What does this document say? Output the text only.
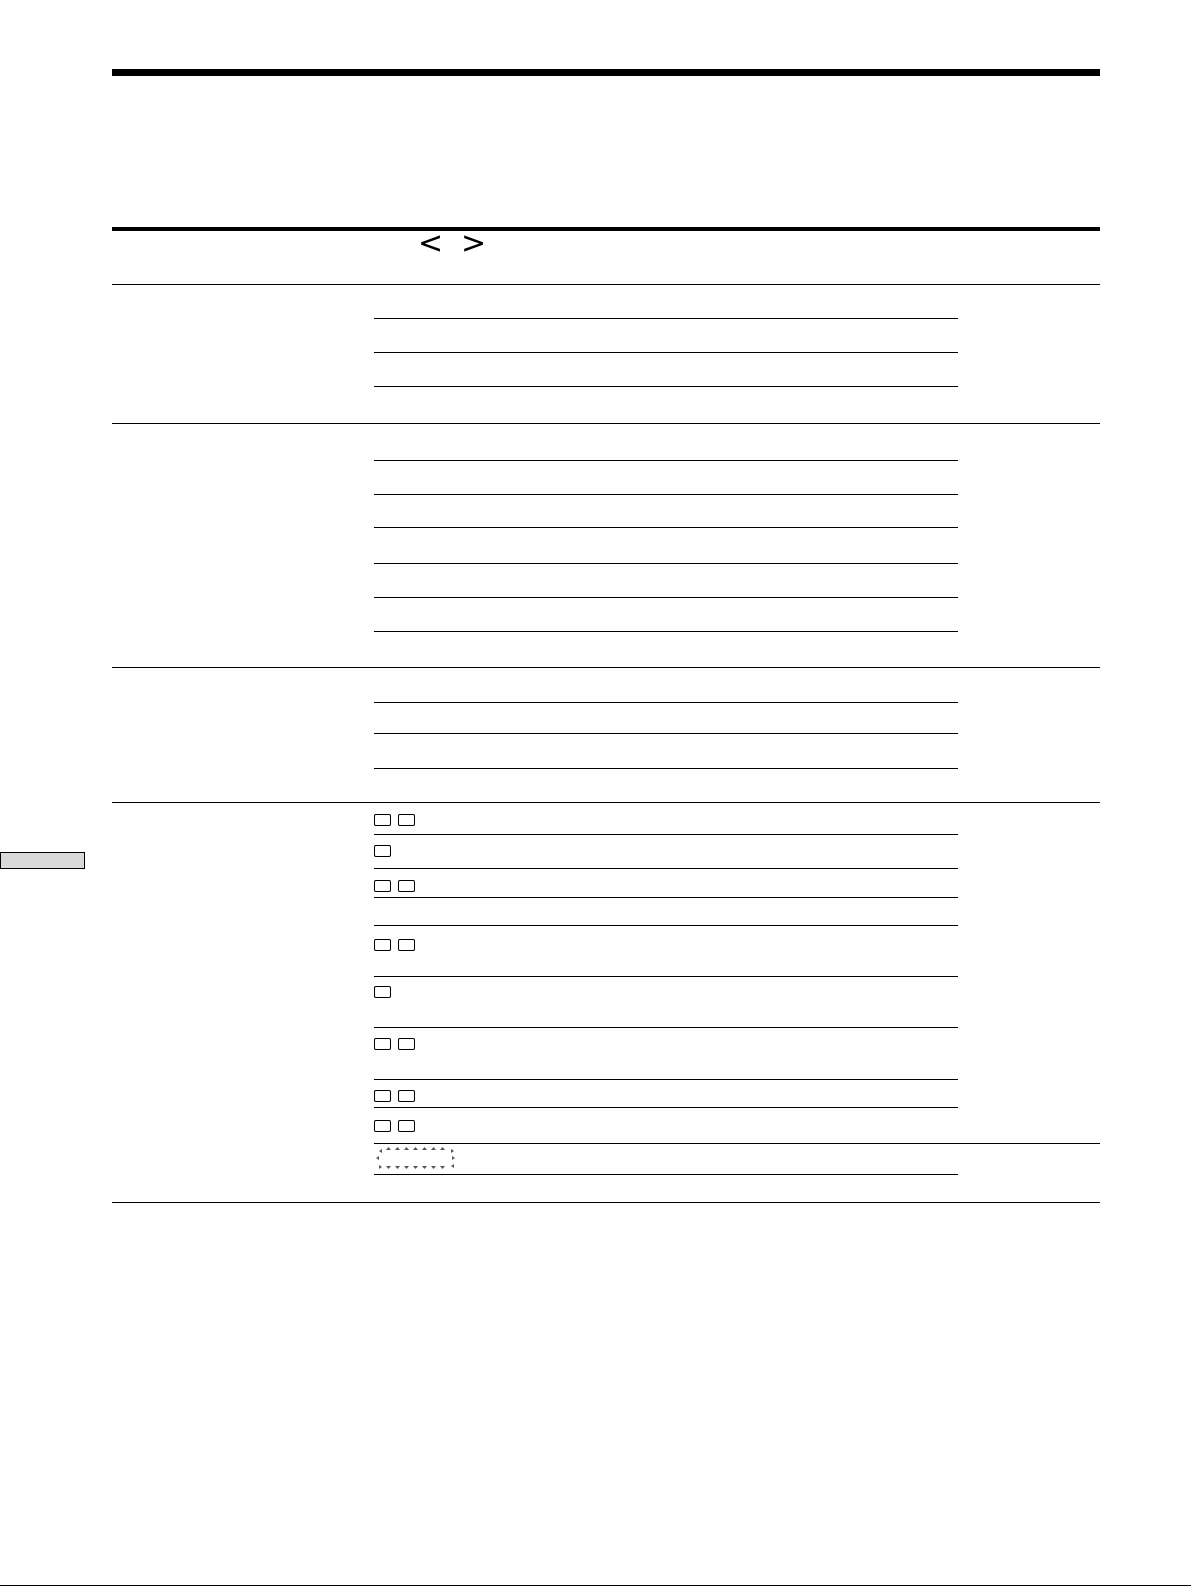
< >
